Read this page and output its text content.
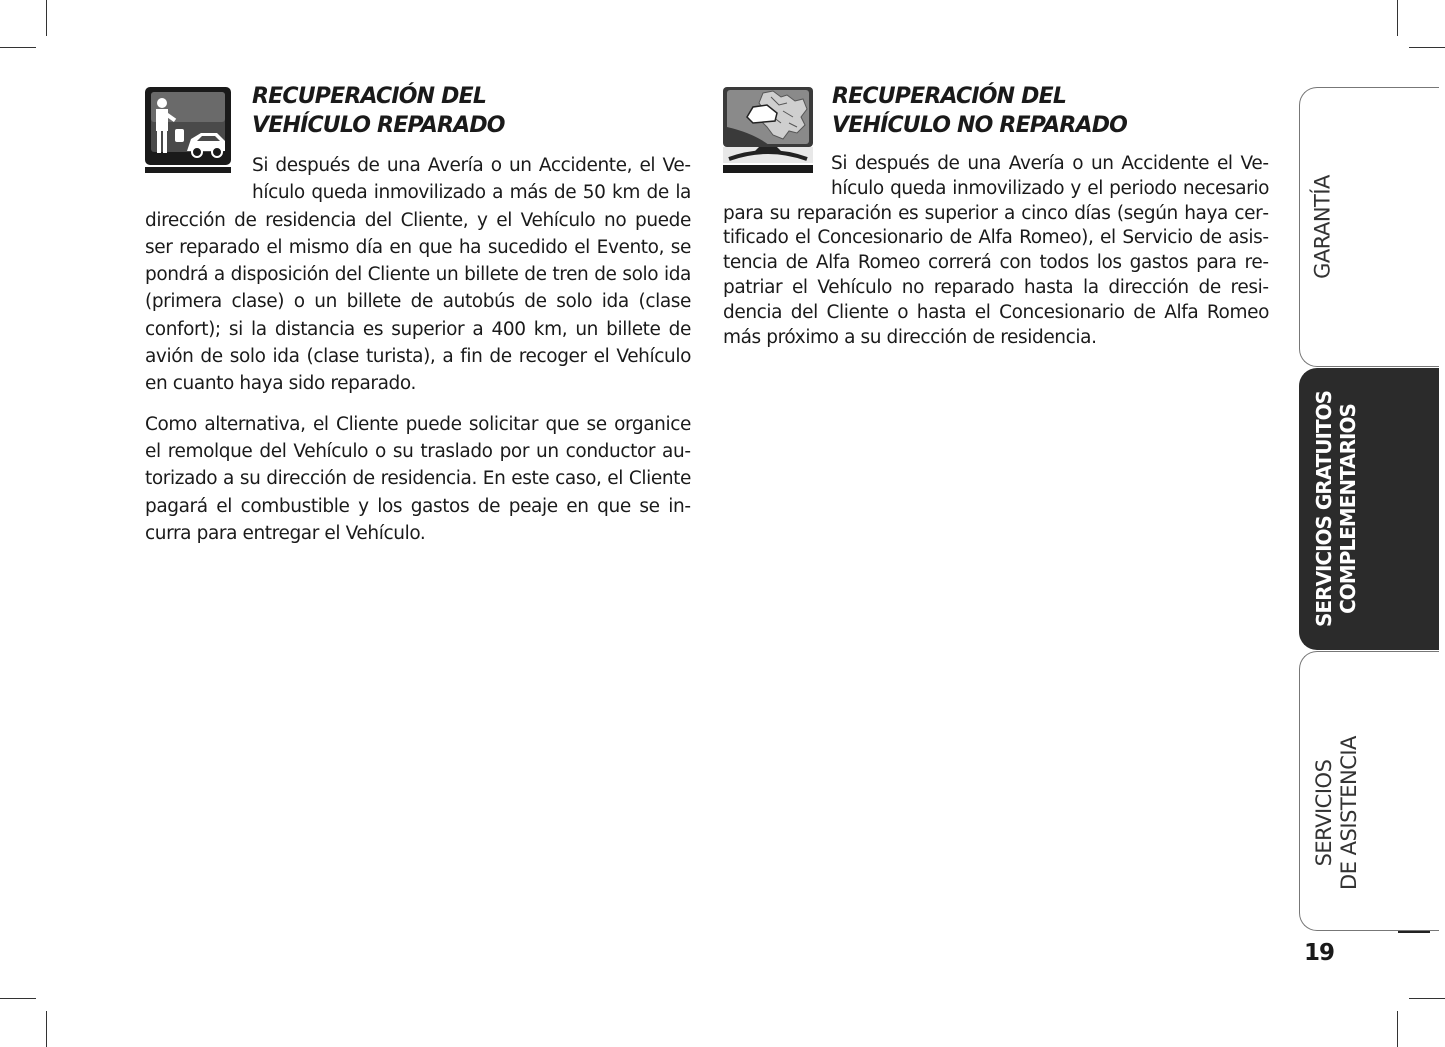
RECUPERACIÓN DEL
VEHÍCULO REPARADO

Si después de una Avería o un Accidente, el Vehículo queda inmovilizado a más de 50 km de la dirección de residencia del Cliente, y el Vehículo no puede ser reparado el mismo día en que ha sucedido el Evento, se pondrá a disposición del Cliente un billete de tren de solo ida (primera clase) o un billete de autobús de solo ida (clase confort); si la distancia es superior a 400 km, un billete de avión de solo ida (clase turista), a fin de recoger el Vehículo en cuanto haya sido reparado.

Como alternativa, el Cliente puede solicitar que se organice el remolque del Vehículo o su traslado por un conductor autorizado a su dirección de residencia. En este caso, el Cliente pagará el combustible y los gastos de peaje en que se incurra para entregar el Vehículo.

RECUPERACIÓN DEL
VEHÍCULO NO REPARADO

Si después de una Avería o un Accidente el Vehículo queda inmovilizado y el periodo necesario para su reparación es superior a cinco días (según haya certificado el Concesionario de Alfa Romeo), el Servicio de asistencia de Alfa Romeo correrá con todos los gastos para repatriar el Vehículo no reparado hasta la dirección de residencia del Cliente o hasta el Concesionario de Alfa Romeo más próximo a su dirección de residencia.

GARANTÍA
SERVICIOS GRATUITOS
COMPLEMENTARIOS
SERVICIOS
DE ASISTENCIA
19
